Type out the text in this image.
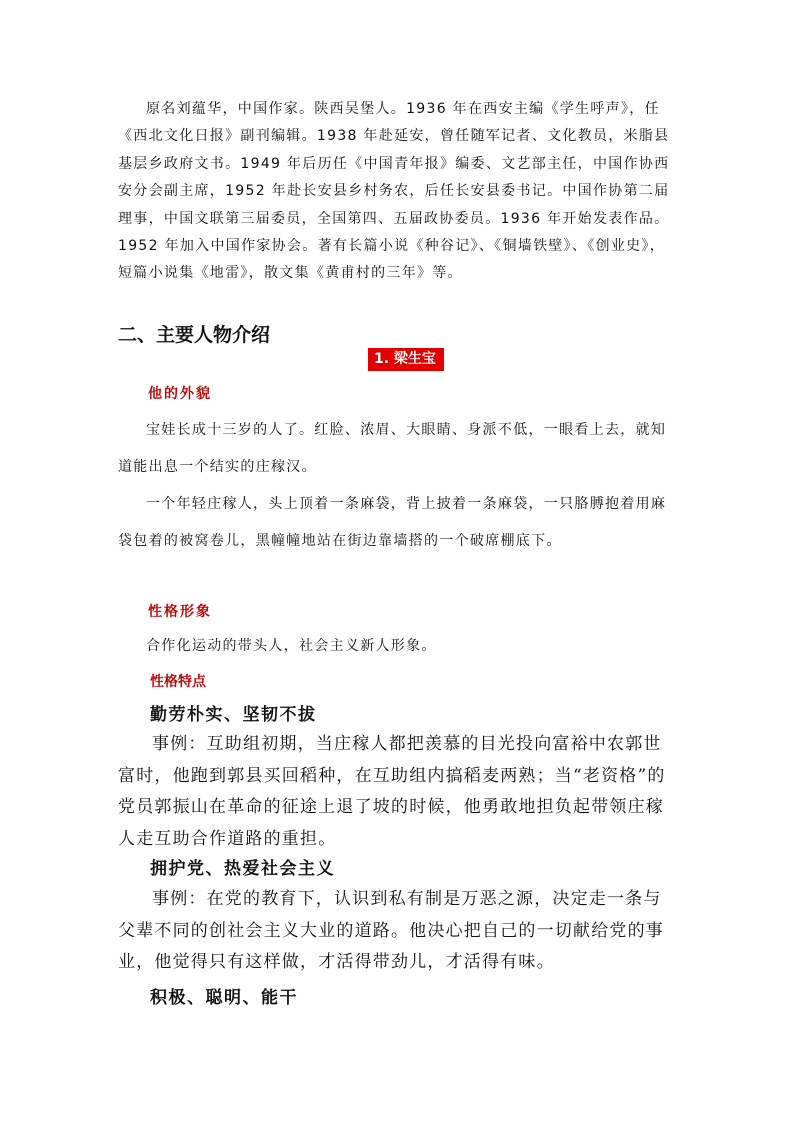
原名刘蕴华，中国作家。陕西吴堡人。1936 年在西安主编《学生呼声》，任《西北文化日报》副刊编辑。1938 年赴延安，曾任随军记者、文化教员，米脂县基层乡政府文书。1949 年后历任《中国青年报》编委、文艺部主任，中国作协西安分会副主席，1952 年赴长安县乡村务农，后任长安县委书记。中国作协第二届理事，中国文联第三届委员，全国第四、五届政协委员。1936 年开始发表作品。1952 年加入中国作家协会。著有长篇小说《种谷记》、《铜墙铁壁》、《创业史》，短篇小说集《地雷》，散文集《黄甫村的三年》等。

二、主要人物介绍
1. 梁生宝
他的外貌

宝娃长成十三岁的人了。红脸、浓眉、大眼睛、身派不低，一眼看上去，就知道能出息一个结实的庄稼汉。

一个年轻庄稼人，头上顶着一条麻袋，背上披着一条麻袋，一只胳膊抱着用麻袋包着的被窝卷儿，黑幢幢地站在街边靠墙搭的一个破席棚底下。

性格形象

合作化运动的带头人，社会主义新人形象。

性格特点
勤劳朴实、坚韧不拔

事例：互助组初期，当庄稼人都把羡慕的目光投向富裕中农郭世富时，他跑到郭县买回稻种，在互助组内搞稻麦两熟；当“老资格”的党员郭振山在革命的征途上退了坡的时候，他勇敢地担负起带领庄稼人走互助合作道路的重担。

拥护党、热爱社会主义

事例：在党的教育下，认识到私有制是万恶之源，决定走一条与父辈不同的创社会主义大业的道路。他决心把自己的一切献给党的事业，他觉得只有这样做，才活得带劲儿，才活得有味。

积极、聪明、能干
